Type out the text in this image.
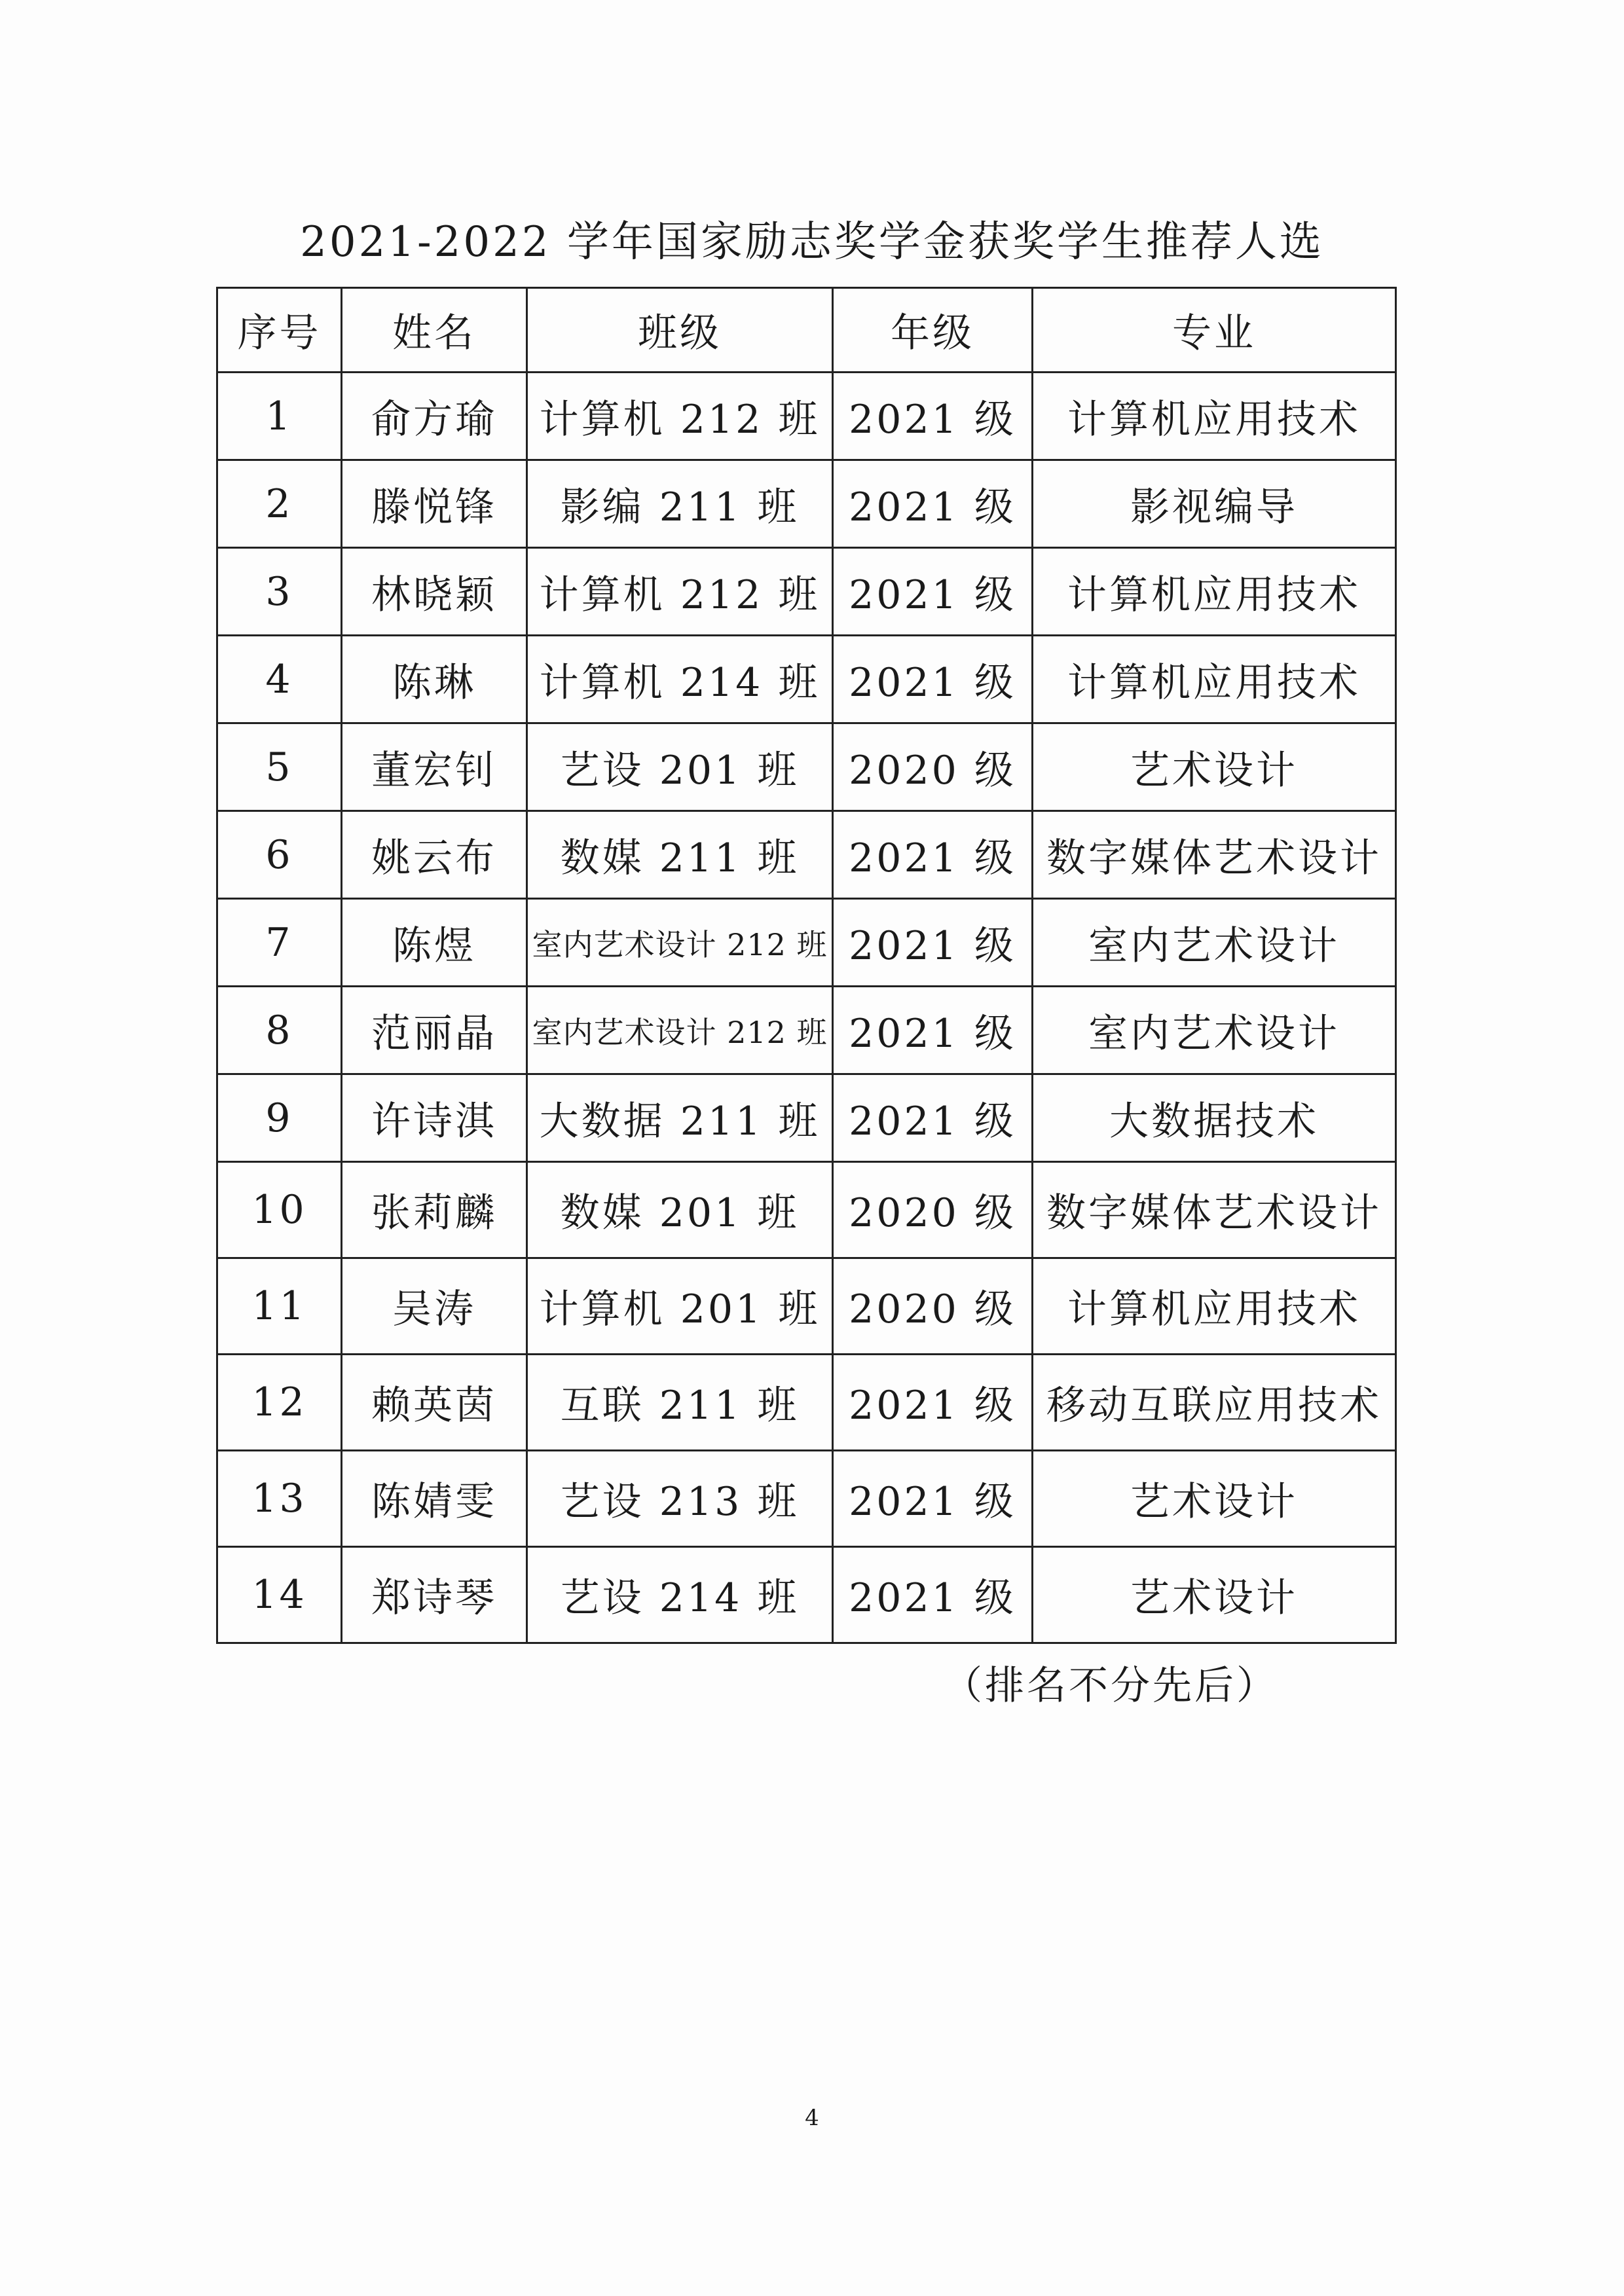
2021-2022 学年国家励志奖学金获奖学生推荐人选
序号	姓名	班级	年级	专业
1	俞方瑜	计算机 212 班	2021 级	计算机应用技术
2	滕悦锋	影编 211 班	2021 级	影视编导
3	林晓颖	计算机 212 班	2021 级	计算机应用技术
4	陈琳	计算机 214 班	2021 级	计算机应用技术
5	董宏钊	艺设 201 班	2020 级	艺术设计
6	姚云布	数媒 211 班	2021 级	数字媒体艺术设计
7	陈煜	室内艺术设计 212 班	2021 级	室内艺术设计
8	范丽晶	室内艺术设计 212 班	2021 级	室内艺术设计
9	许诗淇	大数据 211 班	2021 级	大数据技术
10	张莉麟	数媒 201 班	2020 级	数字媒体艺术设计
11	吴涛	计算机 201 班	2020 级	计算机应用技术
12	赖英茵	互联 211 班	2021 级	移动互联应用技术
13	陈婧雯	艺设 213 班	2021 级	艺术设计
14	郑诗琴	艺设 214 班	2021 级	艺术设计
（排名不分先后）
4
